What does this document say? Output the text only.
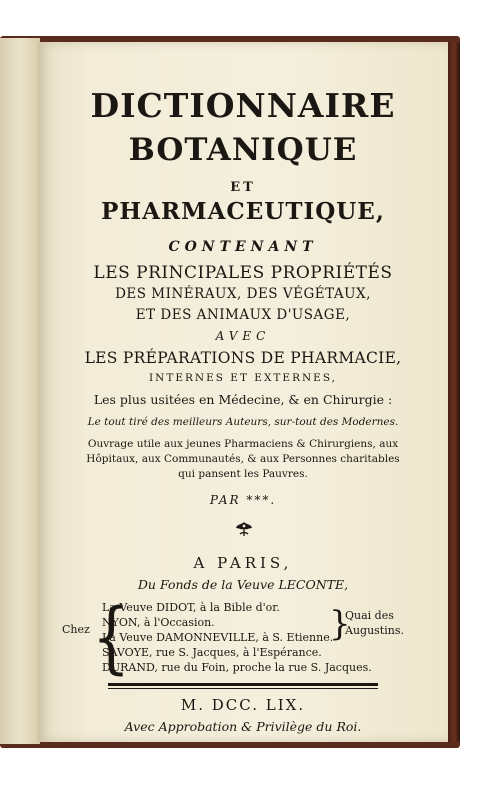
DICTIONNAIRE
BOTANIQUE
ET
PHARMACEUTIQUE,
CONTENANT
LES PRINCIPALES PROPRIÉTÉS
DES MINÉRAUX, DES VÉGÉTAUX,
ET DES ANIMAUX D'USAGE,
AVEC
LES PRÉPARATIONS DE PHARMACIE,
INTERNES ET EXTERNES,
Les plus usitées en Médecine, & en Chirurgie :
Le tout tiré des meilleurs Auteurs, sur-tout des Modernes.
Ouvrage utile aux jeunes Pharmaciens & Chirurgiens, aux
Hôpitaux, aux Communautés, & aux Personnes charitables
qui pansent les Pauvres.
PAR ***.
A PARIS,
Du Fonds de la Veuve LECONTE,
Chez {
La Veuve DIDOT, à la Bible d'or.
NYON, à l'Occasion.
La Veuve DAMONNEVILLE, à S. Etienne.
SAVOYE, rue S. Jacques, à l'Espérance.
DURAND, rue du Foin, proche la rue S. Jacques.
}
Quai des
Augustins.
M. DCC. LIX.
Avec Approbation & Privilège du Roi.
